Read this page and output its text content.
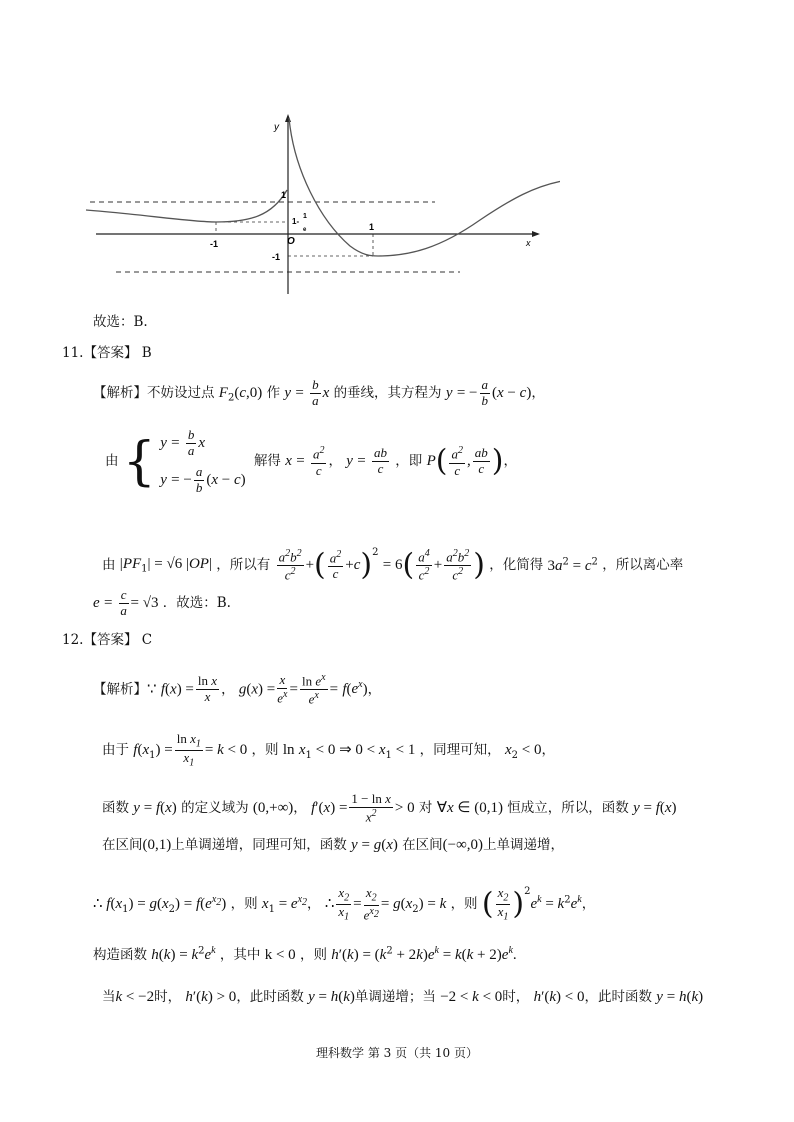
y
x
O
1
1-
1
e
-1
-1
1
故选：B.
11.【答案】 B
【解析】不妨设过点 $F_2(c,0)$ 作 $y = \frac{b}{a}$ x 的垂线，其方程为 y = − $\frac{a}{b} (x - c)$，
由 { $y = \frac{b}{a}$ x
y = − $\frac{a}{b} (x - c)$
解得 $x = \frac{a^2}{c}$ ， $y = \frac{ab}{c}$ ，即 $P( \frac{a^2}{c}$ , $\frac{ab}{c}$ )，
由 $|PF_1| = √6$ |OP| ，所以有 $\frac{a^2b^2}{c^2}$ +( $\frac{a^2}{c} +c)^2 = 6( \frac{a^4}{c^2} + \frac{a^2b^2}{c^2}$ ) ，化简得 $3a^2 = c^2$ ，所以离心率
$e = \frac{c}{a} = √3$ ．故选：B.
12.【答案】 C
【解析】∵ $f(x) = \frac{\text{ln x}}{x}$ ， $g(x) = \frac{x}{e^x} = \frac{\ln e^x}{e^x} = f(e^x)$，
由于 $f(x_1) = \frac{\ln x_1}{x_1} = k < 0$ ，则 $\ln x_1 < 0$ ⇒ $0 < x_1 < 1$ ，同理可知， $x_2 < 0$，
函数 y = f(x) 的定义域为 (0,+∞)， $f'(x) = \frac{\text{1 − ln x}}{x^2} > 0$ 对 ∀x ∈ (0,1) 恒成立，所以，函数 y = f(x)
在区间(0,1)上单调递增，同理可知，函数 y = g(x) 在区间(−∞,0)上单调递增，
∴ $f(x_1) = g(x_2) = f(e^{x_2})$ ，则 $x_1 = e^{x_2}$， ∴ $\frac{x_2}{x_1} = \frac{x_2}{e^{x_2}} = g(x_2) = k$ ，则 ( $\frac{x_2}{x_1} )^2e^k = k^2e^k$，
构造函数 $h(k) = k^2e^k$ ，其中 k < 0 ，则 $h'(k) = (k^2 + 2k)e^k = k(k + 2)e^k$.
当k < −2时， h′(k) > 0，此时函数 y = h(k)单调递增；当 −2 < k < 0时， h′(k) < 0，此时函数 y = h(k)
理科数学 第 3 页（共 10 页）
